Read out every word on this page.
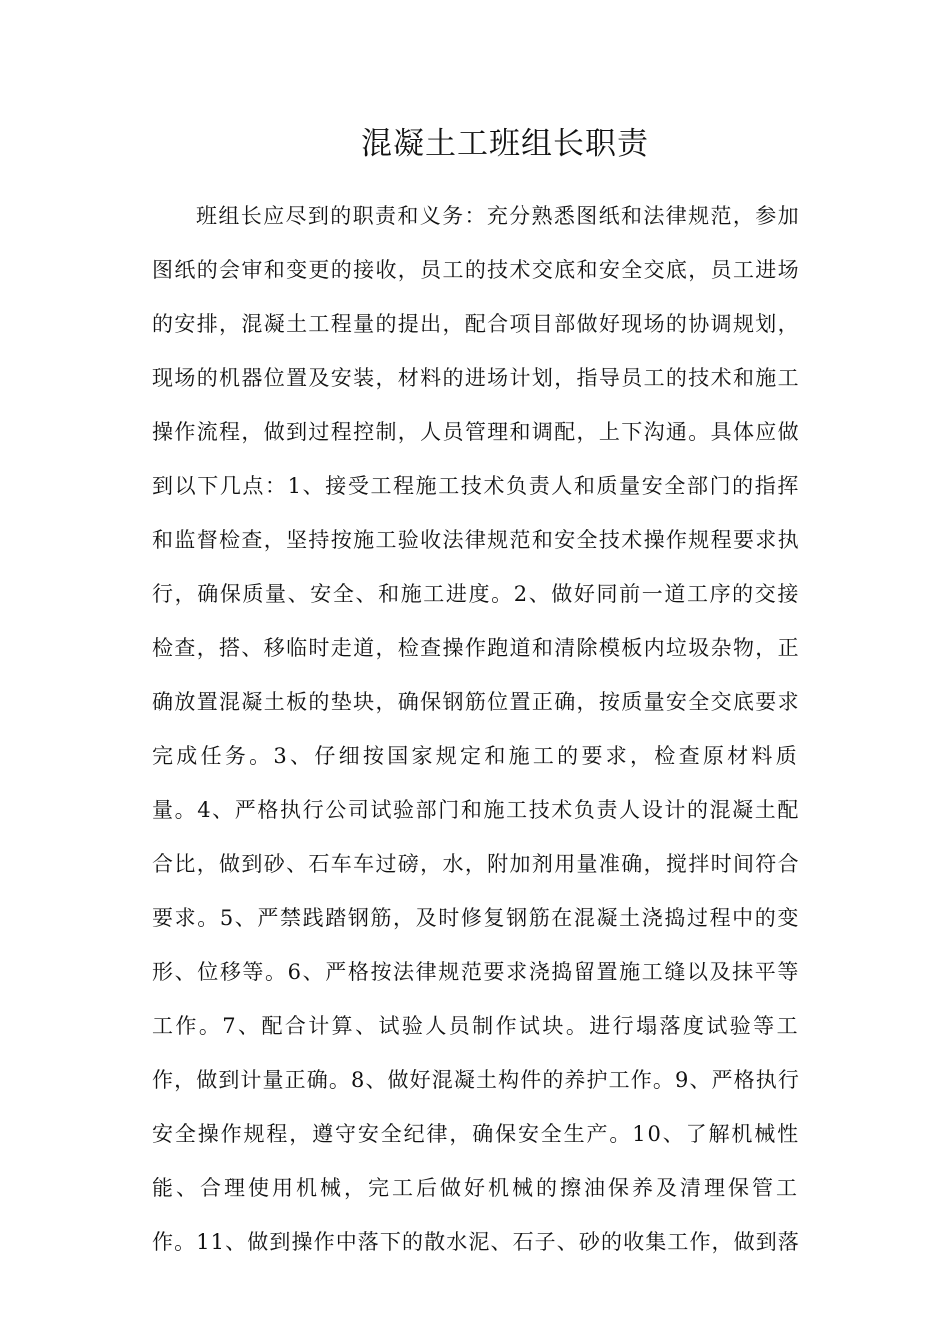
混凝土工班组长职责
班组长应尽到的职责和义务：充分熟悉图纸和法律规范，参加
图纸的会审和变更的接收，员工的技术交底和安全交底，员工进场
的安排，混凝土工程量的提出，配合项目部做好现场的协调规划，
现场的机器位置及安装，材料的进场计划，指导员工的技术和施工
操作流程，做到过程控制，人员管理和调配，上下沟通。具体应做
到以下几点：1、接受工程施工技术负责人和质量安全部门的指挥
和监督检查，坚持按施工验收法律规范和安全技术操作规程要求执
行，确保质量、安全、和施工进度。2、做好同前一道工序的交接
检查，搭、移临时走道，检查操作跑道和清除模板内垃圾杂物，正
确放置混凝土板的垫块，确保钢筋位置正确，按质量安全交底要求
完成任务。3、仔细按国家规定和施工的要求，检查原材料质
量。4、严格执行公司试验部门和施工技术负责人设计的混凝土配
合比，做到砂、石车车过磅，水，附加剂用量准确，搅拌时间符合
要求。5、严禁践踏钢筋，及时修复钢筋在混凝土浇捣过程中的变
形、位移等。6、严格按法律规范要求浇捣留置施工缝以及抹平等
工作。7、配合计算、试验人员制作试块。进行塌落度试验等工
作，做到计量正确。8、做好混凝土构件的养护工作。9、严格执行
安全操作规程，遵守安全纪律，确保安全生产。10、了解机械性
能、合理使用机械，完工后做好机械的擦油保养及清理保管工
作。11、做到操作中落下的散水泥、石子、砂的收集工作，做到落
